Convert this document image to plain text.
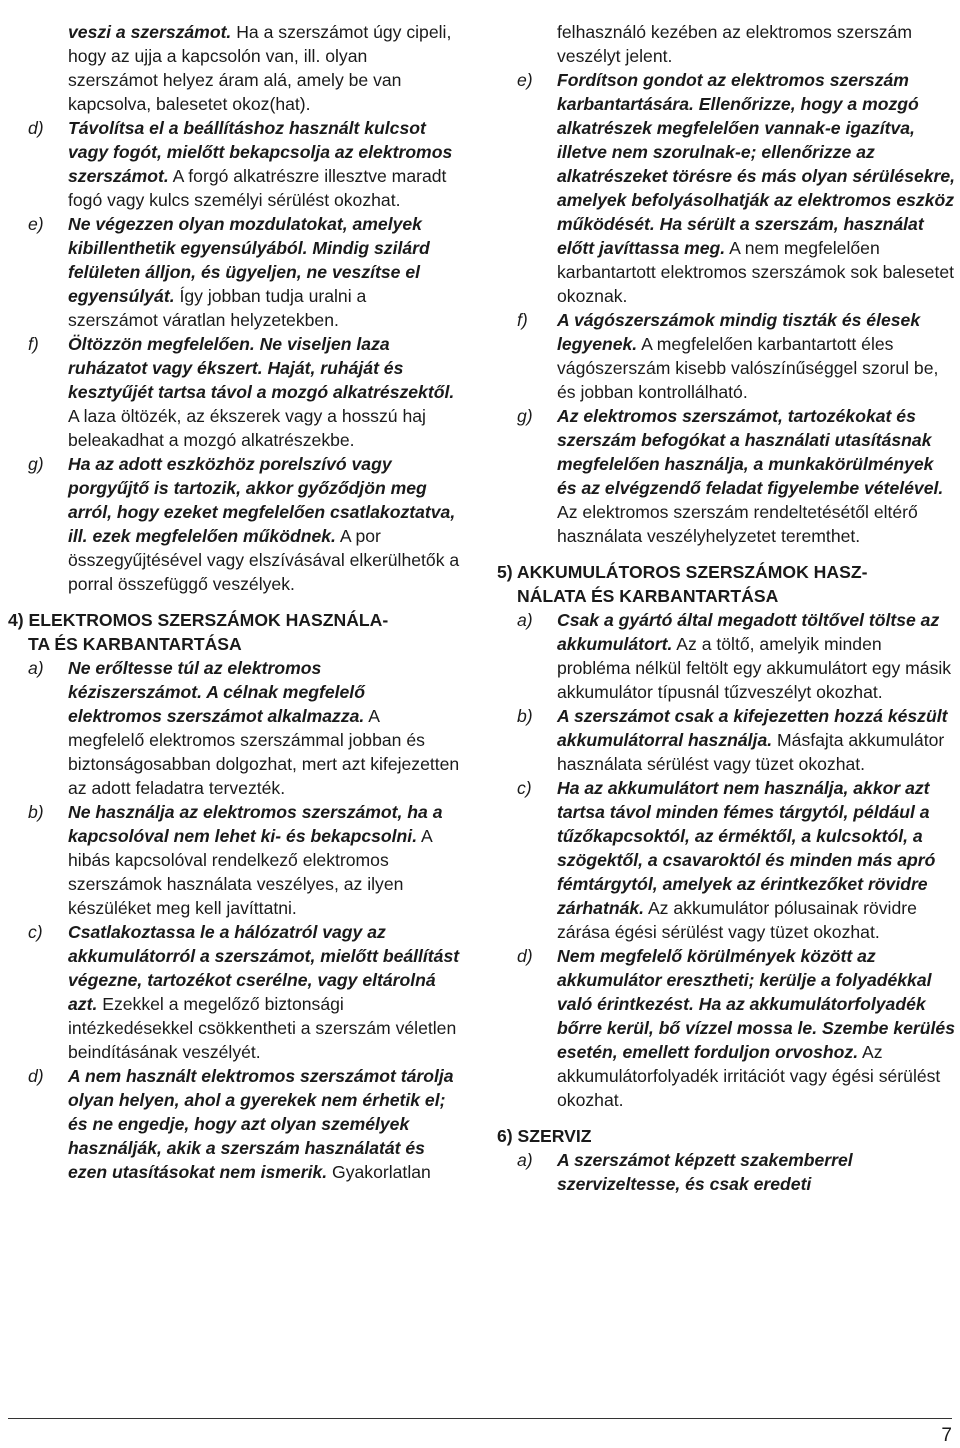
veszi a szerszámot. Ha a szerszámot úgy cipeli, hogy az ujja a kapcsolón van, ill. olyan szerszámot helyez áram alá, amely be van kapcsolva, balesetet okoz(hat).

d) Távolítsa el a beállításhoz használt kulcsot vagy fogót, mielőtt bekapcsolja az elektromos szerszámot. A forgó alkatrészre illesztve maradt fogó vagy kulcs személyi sérülést okozhat.

e) Ne végezzen olyan mozdulatokat, amelyek kibillenthetik egyensúlyából. Mindig szilárd felületen álljon, és ügyeljen, ne veszítse el egyensúlyát. Így jobban tudja uralni a szerszámot váratlan helyzetekben.

f) Öltözzön megfelelően. Ne viseljen laza ruházatot vagy ékszert. Haját, ruháját és kesztyűjét tartsa távol a mozgó alkatrészektől. A laza öltözék, az ékszerek vagy a hosszú haj beleakadhat a mozgó alkatrészekbe.

g) Ha az adott eszközhöz porelszívó vagy porgyűjtő is tartozik, akkor győződjön meg arról, hogy ezeket megfelelően csatlakoztatva, ill. ezek megfelelően működnek. A por összegyűjtésével vagy elszívásával elkerülhetők a porral összefüggő veszélyek.

4) ELEKTROMOS SZERSZÁMOK HASZNÁLA-
TA ÉS KARBANTARTÁSA

a) Ne erőltesse túl az elektromos kéziszerszámot. A célnak megfelelő elektromos szerszámot alkalmazza. A megfelelő elektromos szerszámmal jobban és biztonságosabban dolgozhat, mert azt kifejezetten az adott feladatra tervezték.

b) Ne használja az elektromos szerszámot, ha a kapcsolóval nem lehet ki- és bekapcsolni. A hibás kapcsolóval rendelkező elektromos szerszámok használata veszélyes, az ilyen készüléket meg kell javíttatni.

c) Csatlakoztassa le a hálózatról vagy az akkumulátorról a szerszámot, mielőtt beállítást végezne, tartozékot cserélne, vagy eltárolná azt. Ezekkel a megelőző biztonsági intézkedésekkel csökkentheti a szerszám véletlen beindításának veszélyét.

d) A nem használt elektromos szerszámot tárolja olyan helyen, ahol a gyerekek nem érhetik el; és ne engedje, hogy azt olyan személyek használják, akik a szerszám használatát és ezen utasításokat nem ismerik. Gyakorlatlan

felhasználó kezében az elektromos szerszám veszélyt jelent.

e) Fordítson gondot az elektromos szerszám karbantartására. Ellenőrizze, hogy a mozgó alkatrészek megfelelően vannak-e igazítva, illetve nem szorulnak-e; ellenőrizze az alkatrészeket törésre és más olyan sérülésekre, amelyek befolyásolhatják az elektromos eszköz működését. Ha sérült a szerszám, használat előtt javíttassa meg. A nem megfelelően karbantartott elektromos szerszámok sok balesetet okoznak.

f) A vágószerszámok mindig tiszták és élesek legyenek. A megfelelően karbantartott éles vágószerszám kisebb valószínűséggel szorul be, és jobban kontrollálható.

g) Az elektromos szerszámot, tartozékokat és szerszám befogókat a használati utasításnak megfelelően használja, a munkakörülmények és az elvégzendő feladat figyelembe vételével. Az elektromos szerszám rendeltetésétől eltérő használata veszélyhelyzetet teremthet.

5) AKKUMULÁTOROS SZERSZÁMOK HASZ-
NÁLATA ÉS KARBANTARTÁSA

a) Csak a gyártó által megadott töltővel töltse az akkumulátort. Az a töltő, amelyik minden probléma nélkül feltölt egy akkumulátort egy másik akkumulátor típusnál tűzveszélyt okozhat.

b) A szerszámot csak a kifejezetten hozzá készült akkumulátorral használja. Másfajta akkumulátor használata sérülést vagy tüzet okozhat.

c) Ha az akkumulátort nem használja, akkor azt tartsa távol minden fémes tárgytól, például a tűzőkapcsoktól, az érméktől, a kulcsoktól, a szögektől, a csavaroktól és minden más apró fémtárgytól, amelyek az érintkezőket rövidre zárhatnák. Az akkumulátor pólusainak rövidre zárása égési sérülést vagy tüzet okozhat.

d) Nem megfelelő körülmények között az akkumulátor eresztheti; kerülje a folyadékkal való érintkezést. Ha az akkumulátorfolyadék bőrre kerül, bő vízzel mossa le. Szembe kerülés esetén, emellett forduljon orvoshoz. Az akkumulátorfolyadék irritációt vagy égési sérülést okozhat.

6) SZERVIZ

a) A szerszámot képzett szakemberrel szervizeltesse, és csak eredeti

7
